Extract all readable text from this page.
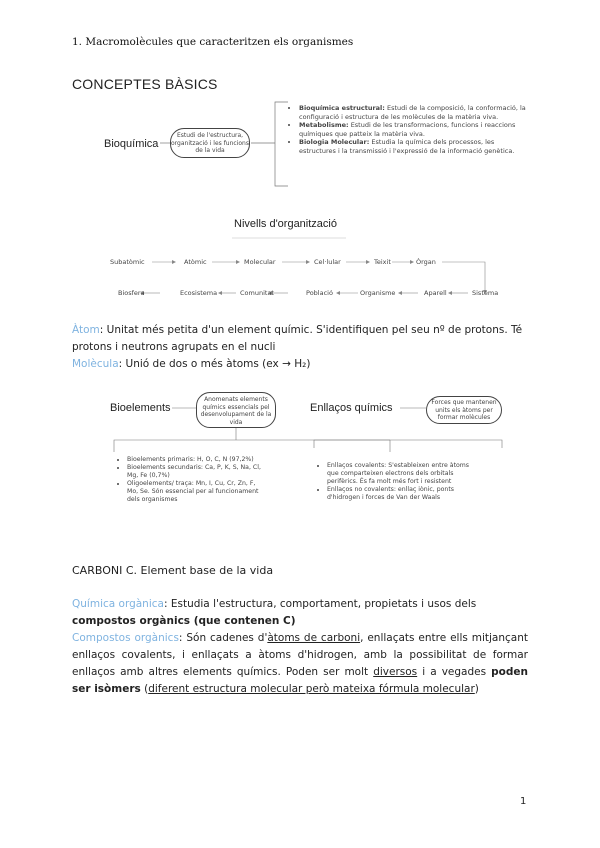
1. Macromolècules que caracteritzen els organismes
CONCEPTES BÀSICS
Bioquímica
Estudi de l'estructura, organització i les funcions de la vida
• Bioquímica estructural: Estudi de la composició, la conformació, la configuració i estructura de les molècules de la matèria viva.
• Metabolisme: Estudi de les transformacions, funcions i reaccions químiques que patteix la matèria viva.
• Biologia Molecular: Estudia la química dels processos, les estructures i la transmissió i l'expressió de la informació genètica.
Nivells d'organització
Subatòmic	Atòmic	Molecular	Cel·lular	Teixit	Òrgan
Biosfera	Ecosistema	Comunitat	Població	Organisme	Aparell	Sistema
Àtom: Unitat més petita d'un element químic. S'identifiquen pel seu nº de protons. Té protons i neutrons agrupats en el nucli
Molècula: Unió de dos o més àtoms (ex → H₂)
Bioelements
Anomenats elements químics essencials pel desenvolupament de la vida
• Bioelements primaris: H, O, C, N (97,2%)
• Bioelements secundaris: Ca, P, K, S, Na, Cl, Mg, Fe (0,7%)
• Oligoelements/ traça: Mn, I, Cu, Cr, Zn, F, Mo, Se. Són essencial per al funcionament dels organismes
Enllaços químics	Forces que mantenen units els àtoms per formar molècules
• Enllaços covalents: S'estableixen entre àtoms que comparteixen electrons dels orbitals perifèrics. És fa molt més fort i resistent
• Enllaços no covalents: enllaç iònic, ponts d'hidrogen i forces de Van der Waals
CARBONI C. Element base de la vida
Química orgànica: Estudia l'estructura, comportament, propietats i usos dels compostos orgànics (que contenen C)
Compostos orgànics: Són cadenes d'àtoms de carboni, enllaçats entre ells mitjançant enllaços covalents, i enllaçats a àtoms d'hidrogen, amb la possibilitat de formar enllaços amb altres elements químics. Poden ser molt diversos i a vegades poden ser isòmers (diferent estructura molecular però mateixa fórmula molecular)
1
